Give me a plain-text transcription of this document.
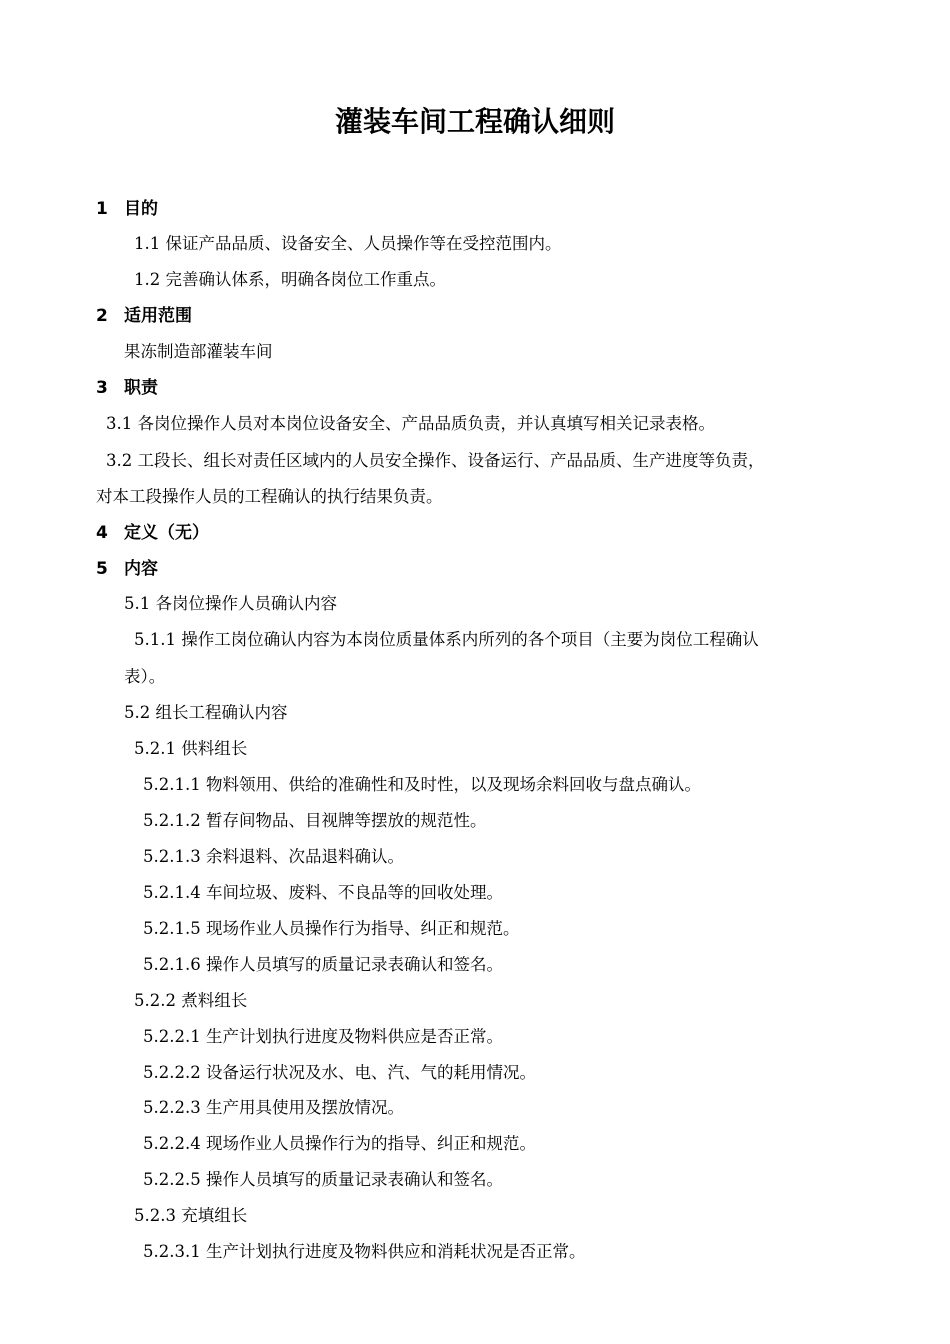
灌装车间工程确认细则
1 目的
1.1 保证产品品质、设备安全、人员操作等在受控范围内。
1.2 完善确认体系，明确各岗位工作重点。
2 适用范围
果冻制造部灌装车间
3 职责
3.1 各岗位操作人员对本岗位设备安全、产品品质负责，并认真填写相关记录表格。
3.2 工段长、组长对责任区域内的人员安全操作、设备运行、产品品质、生产进度等负责，
对本工段操作人员的工程确认的执行结果负责。
4 定义（无）
5 内容
5.1 各岗位操作人员确认内容
5.1.1 操作工岗位确认内容为本岗位质量体系内所列的各个项目（主要为岗位工程确认
表）。
5.2 组长工程确认内容
5.2.1 供料组长
5.2.1.1 物料领用、供给的准确性和及时性，以及现场余料回收与盘点确认。
5.2.1.2 暂存间物品、目视牌等摆放的规范性。
5.2.1.3 余料退料、次品退料确认。
5.2.1.4 车间垃圾、废料、不良品等的回收处理。
5.2.1.5 现场作业人员操作行为指导、纠正和规范。
5.2.1.6 操作人员填写的质量记录表确认和签名。
5.2.2 煮料组长
5.2.2.1 生产计划执行进度及物料供应是否正常。
5.2.2.2 设备运行状况及水、电、汽、气的耗用情况。
5.2.2.3 生产用具使用及摆放情况。
5.2.2.4 现场作业人员操作行为的指导、纠正和规范。
5.2.2.5 操作人员填写的质量记录表确认和签名。
5.2.3 充填组长
5.2.3.1 生产计划执行进度及物料供应和消耗状况是否正常。
